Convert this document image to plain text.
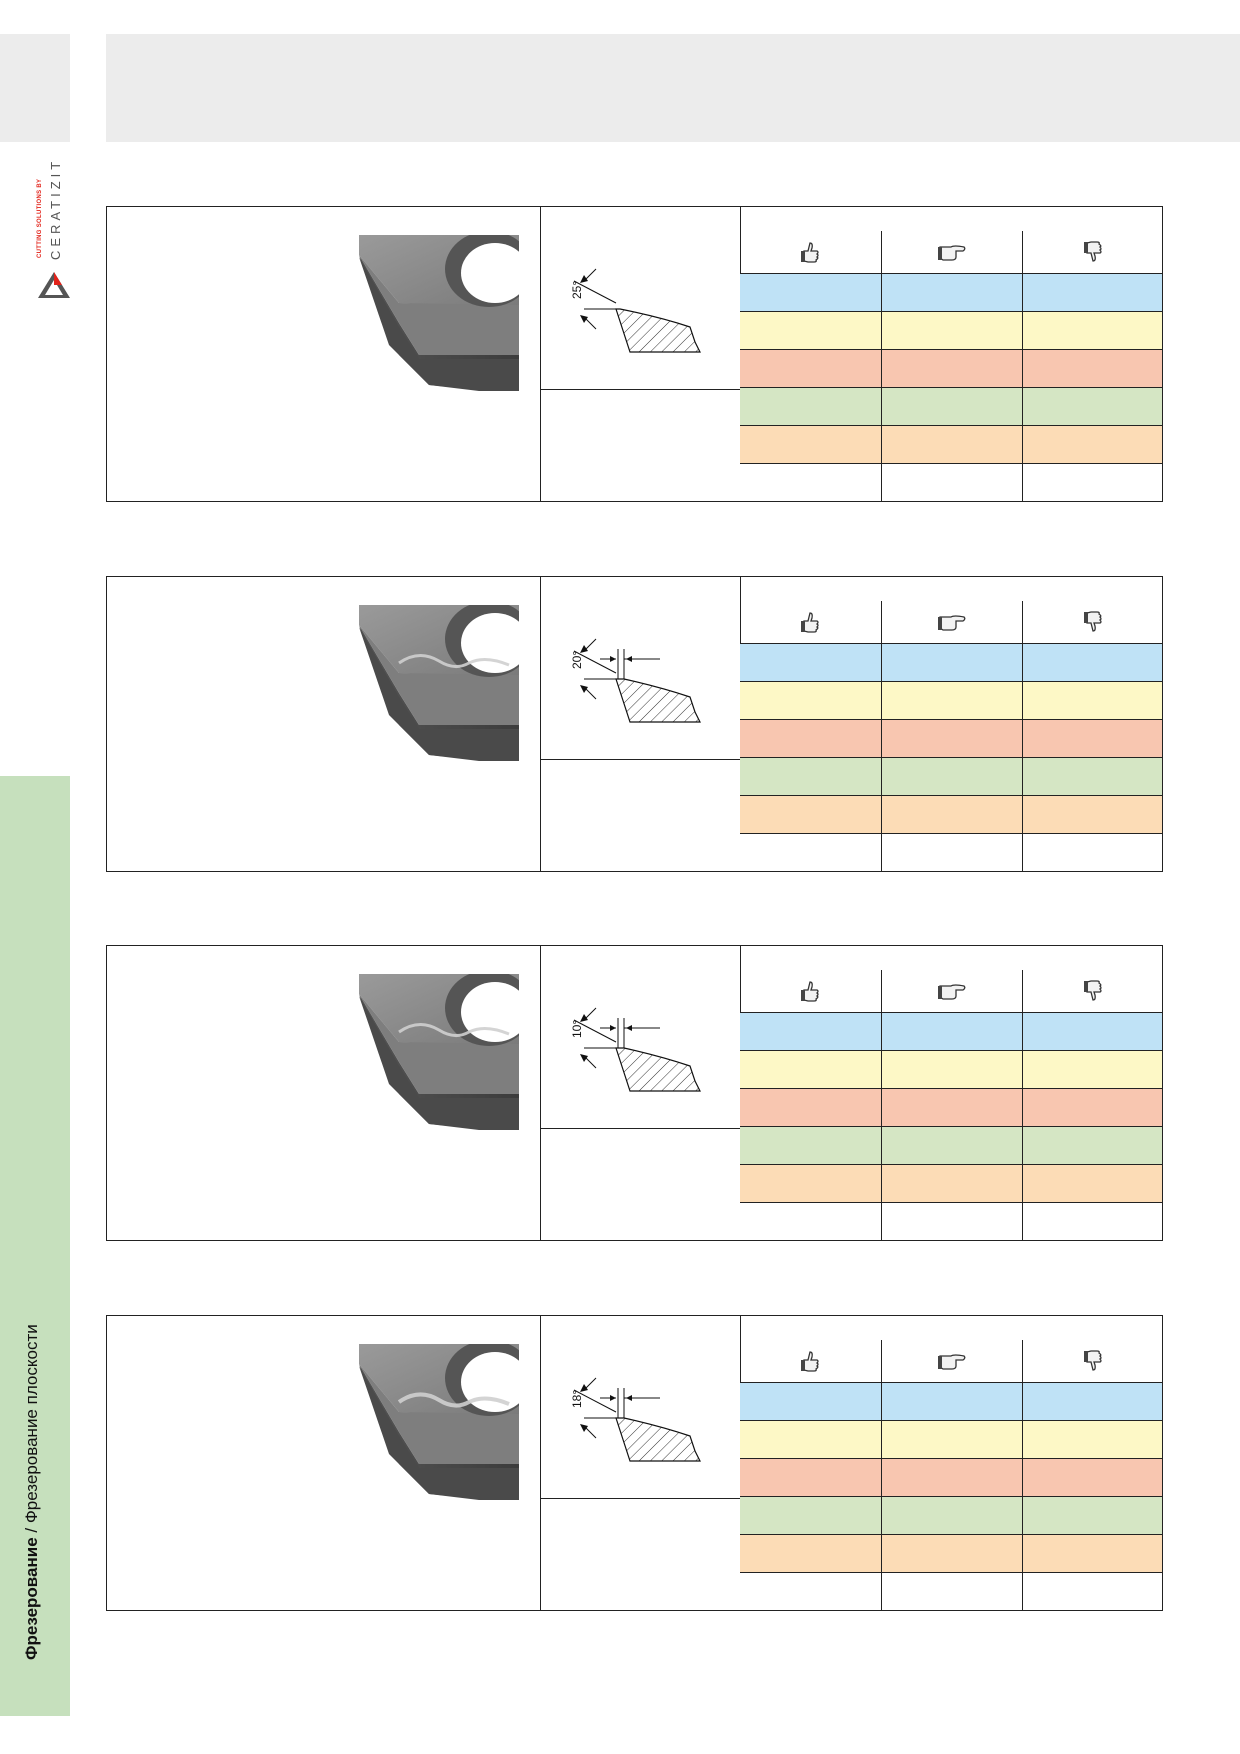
Фрезерование / Фрезерование плоскости
CUTTING SOLUTIONS BY CERATIZIT
25°
20°
10°
18°
